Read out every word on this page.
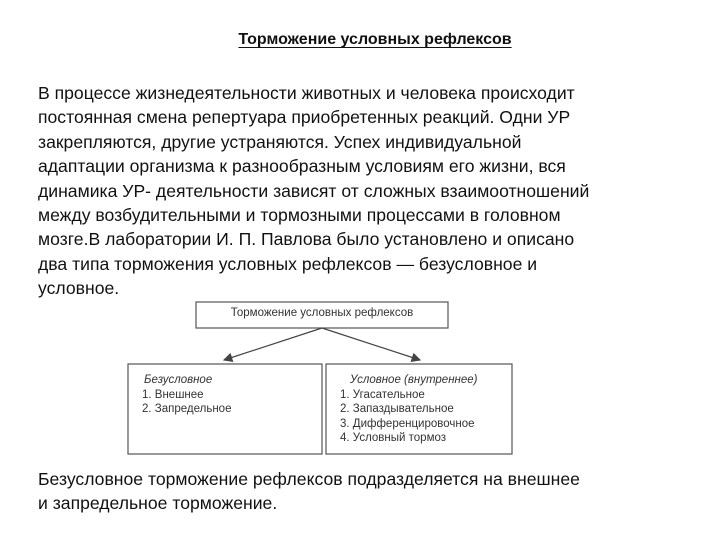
Торможение условных рефлексов
В процессе жизнедеятельности животных и человека происходит
постоянная смена репертуара приобретенных реакций. Одни УР
закрепляются, другие устраняются. Успех индивидуальной
адаптации организма к разнообразным условиям его жизни, вся
динамика УР- деятельности зависят от сложных взаимоотношений
между возбудительными и тормозными процессами в головном
мозге.В лаборатории И. П. Павлова было установлено и описано
два типа торможения условных рефлексов — безусловное и
условное.
Торможение условных рефлексов
Безусловное
1. Внешнее
2. Запредельное
Условное (внутреннее)
1. Угасательное
2. Запаздывательное
3. Дифференцировочное
4. Условный тормоз
Безусловное торможение рефлексов подразделяется на внешнее
и запредельное торможение.
